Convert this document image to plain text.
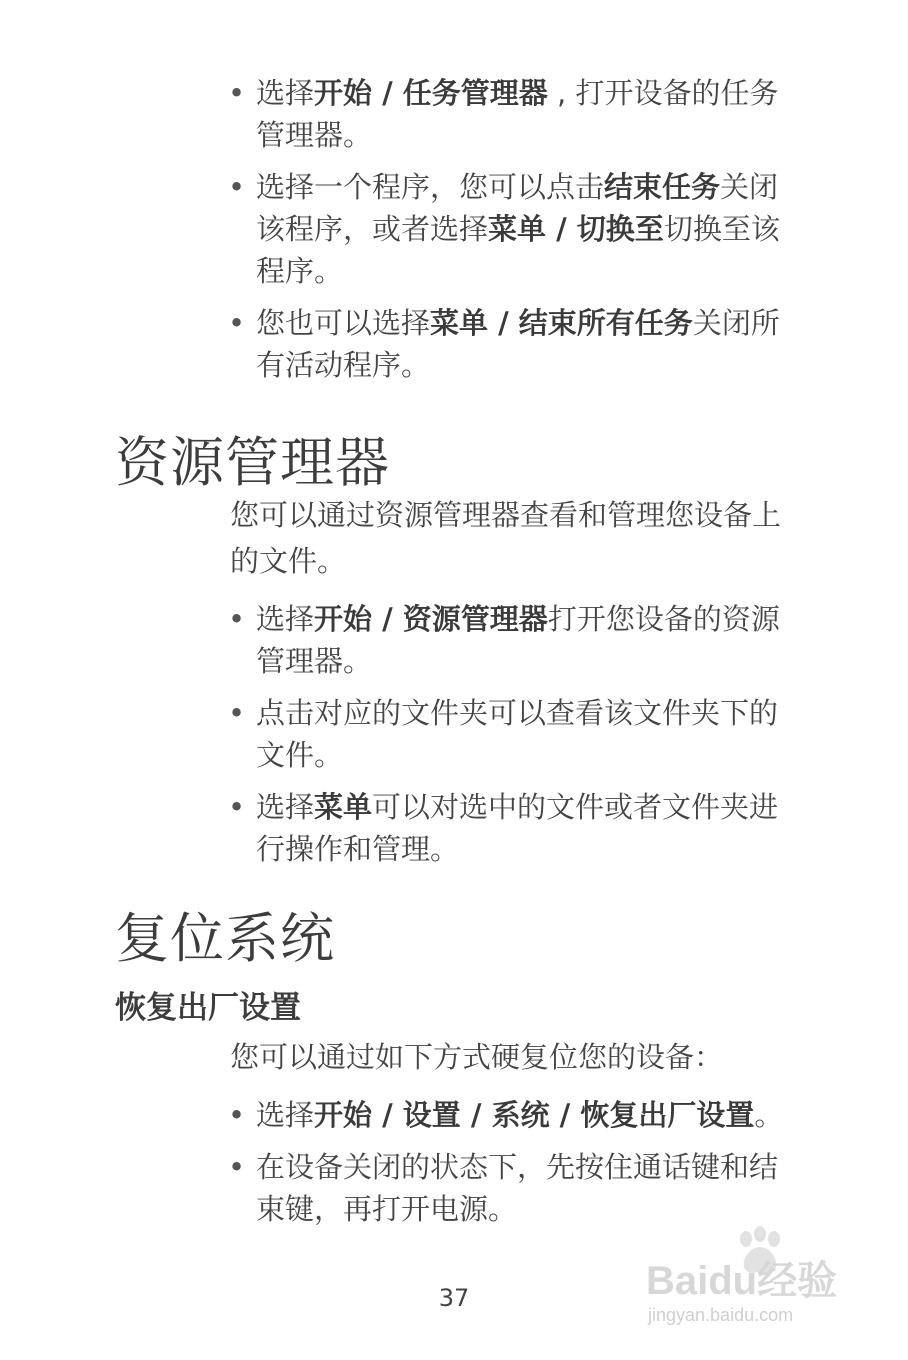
• 选择开始 / 任务管理器 , 打开设备的任务管理器。
• 选择一个程序，您可以点击结束任务关闭该程序，或者选择菜单 / 切换至切换至该程序。
• 您也可以选择菜单 / 结束所有任务关闭所有活动程序。
资源管理器

您可以通过资源管理器查看和管理您设备上的文件。

• 选择开始 / 资源管理器打开您设备的资源管理器。
• 点击对应的文件夹可以查看该文件夹下的文件。
• 选择菜单可以对选中的文件或者文件夹进行操作和管理。
复位系统
恢复出厂设置

您可以通过如下方式硬复位您的设备：

• 选择开始 / 设置 / 系统 / 恢复出厂设置。
• 在设备关闭的状态下，先按住通话键和结束键，再打开电源。
37	Baidu经验
jingyan.baidu.com
